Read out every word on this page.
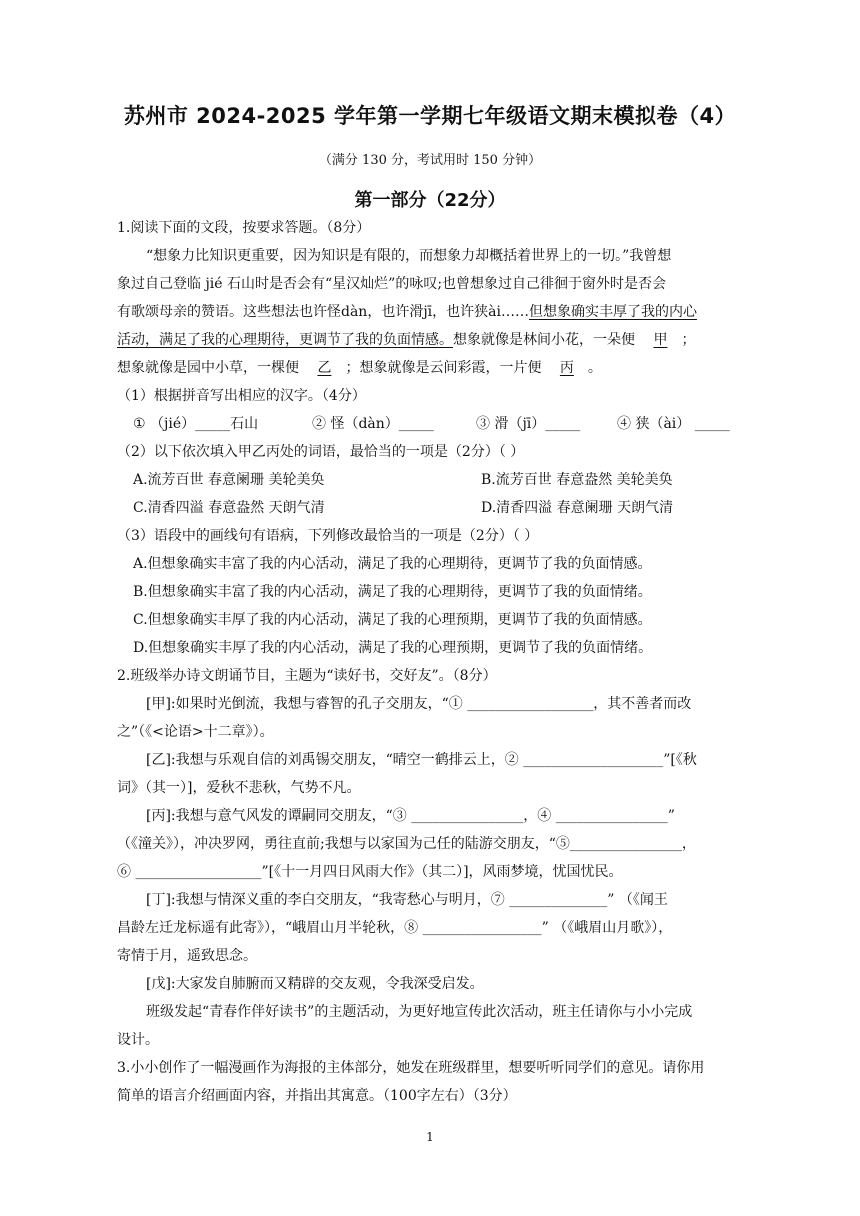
苏州市 2024-2025 学年第一学期七年级语文期末模拟卷（4）
（满分 130 分，考试用时 150 分钟）
第一部分（22分）
1.阅读下面的文段，按要求答题。（8分）
“想象力比知识更重要，因为知识是有限的，而想象力却概括着世界上的一切。”我曾想
象过自己登临 jié 石山时是否会有“星汉灿烂”的咏叹;也曾想象过自己徘徊于窗外时是否会
有歌颂母亲的赞语。这些想法也许怪dàn，也许滑jī，也许狭ài……但想象确实丰厚了我的内心
活动，满足了我的心理期待，更调节了我的负面情感。想象就像是林间小花，一朵便 甲 ；
想象就像是园中小草，一棵便 乙 ；想象就像是云间彩霞，一片便 丙 。
（1）根据拼音写出相应的汉字。（4分）
① （jié）_____石山	② 怪（dàn）_____	③ 滑（jī）_____	④ 狭（ài） _____
（2）以下依次填入甲乙丙处的词语，最恰当的一项是（2分）（ ）
A.流芳百世 春意阑珊 美轮美奂	B.流芳百世 春意盎然 美轮美奂
C.清香四溢 春意盎然 天朗气清	D.清香四溢 春意阑珊 天朗气清
（3）语段中的画线句有语病，下列修改最恰当的一项是（2分）（ ）
A.但想象确实丰富了我的内心活动，满足了我的心理期待，更调节了我的负面情感。
B.但想象确实丰富了我的内心活动，满足了我的心理期待，更调节了我的负面情绪。
C.但想象确实丰厚了我的内心活动，满足了我的心理预期，更调节了我的负面情感。
D.但想象确实丰厚了我的内心活动，满足了我的心理预期，更调节了我的负面情绪。
2.班级举办诗文朗诵节目，主题为“读好书，交好友”。（8分）
[甲]:如果时光倒流，我想与睿智的孔子交朋友，“① __________________，其不善者而改
之”（《<论语>十二章》）。
[乙]:我想与乐观自信的刘禹锡交朋友，“晴空一鹤排云上，② ____________________”[《秋
词》（其一）]，爱秋不悲秋，气势不凡。
[丙]:我想与意气风发的谭嗣同交朋友，“③ ________________，④ ________________”
（《潼关》），冲决罗网，勇往直前;我想与以家国为己任的陆游交朋友，“⑤________________，
⑥ __________________”[《十一月四日风雨大作》（其二）]，风雨梦境，忧国忧民。
[丁]:我想与情深义重的李白交朋友，“我寄愁心与明月，⑦ ______________” （《闻王
昌龄左迁龙标遥有此寄》），“峨眉山月半轮秋，⑧ _________________” （《峨眉山月歌》），
寄情于月，遥致思念。
[戊]:大家发自肺腑而又精辟的交友观，令我深受启发。
班级发起“青春作伴好读书”的主题活动，为更好地宣传此次活动，班主任请你与小小完成
设计。
3.小小创作了一幅漫画作为海报的主体部分，她发在班级群里，想要听听同学们的意见。请你用
简单的语言介绍画面内容，并指出其寓意。（100字左右）（3分）
1
